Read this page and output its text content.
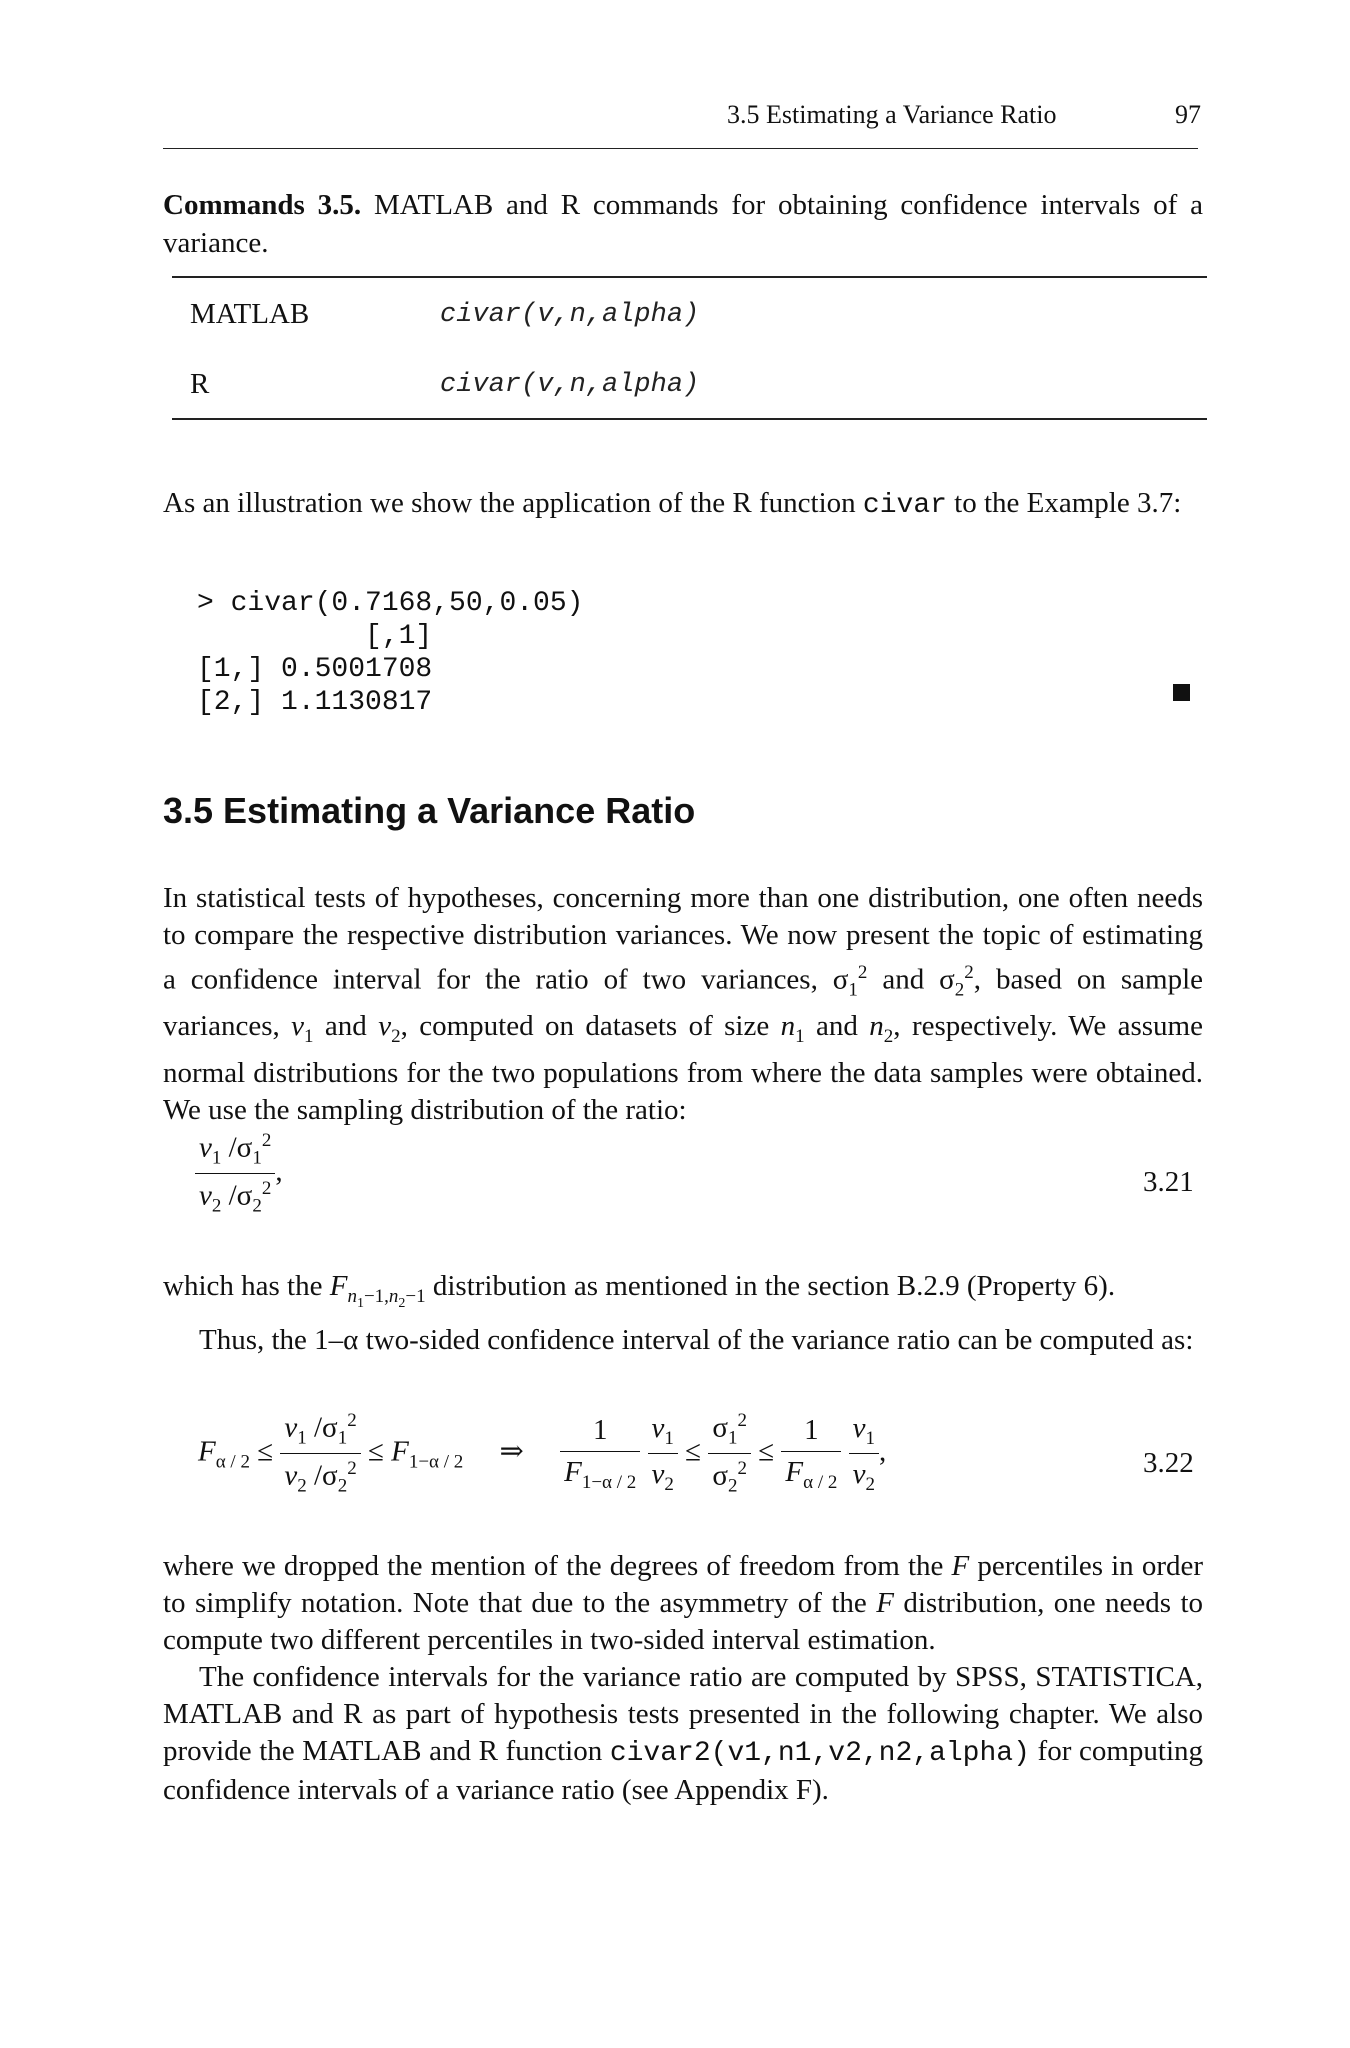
3.5 Estimating a Variance Ratio	97
Commands 3.5. MATLAB and R commands for obtaining confidence intervals of a variance.
MATLAB	civar(v,n,alpha)
R	civar(v,n,alpha)
As an illustration we show the application of the R function civar to the Example 3.7:
> civar(0.7168,50,0.05)
[,1]
[1,] 0.5001708
[2,] 1.1130817
3.5 Estimating a Variance Ratio
In statistical tests of hypotheses, concerning more than one distribution, one often needs to compare the respective distribution variances. We now present the topic of estimating a confidence interval for the ratio of two variances, $\sigma_1^2$ and $\sigma_2^2$, based on sample variances, $v_1$ and $v_2$, computed on datasets of size $n_1$ and $n_2$, respectively. We assume normal distributions for the two populations from where the data samples were obtained. We use the sampling distribution of the ratio:
$\frac{v_1 /\sigma_1^2}{v_2 /\sigma_2^2}$ ,	3.21
which has the $F_{n_1-1,n_2-1}$ distribution as mentioned in the section B.2.9 (Property 6).

Thus, the 1–α two-sided confidence interval of the variance ratio can be computed as:

$F_{\alpha / 2} \le \frac{v_1 /\sigma_1^2}{v_2 /\sigma_2^2} \le F_{1-\alpha / 2}$     ⇒ $\frac{1}{F_{1-\alpha / 2}}$
$\frac{v_1}{v_2} \le \frac{\sigma_1^2}{\sigma_2^2} \le \frac{1}{F_{\alpha / 2}}$
$\frac{v_1}{v_2}$ ,	3.22

where we dropped the mention of the degrees of freedom from the F percentiles in order to simplify notation. Note that due to the asymmetry of the F distribution, one needs to compute two different percentiles in two-sided interval estimation.

The confidence intervals for the variance ratio are computed by SPSS, STATISTICA, MATLAB and R as part of hypothesis tests presented in the following chapter. We also provide the MATLAB and R function civar2(v1,n1,v2,n2,alpha) for computing confidence intervals of a variance ratio (see Appendix F).
